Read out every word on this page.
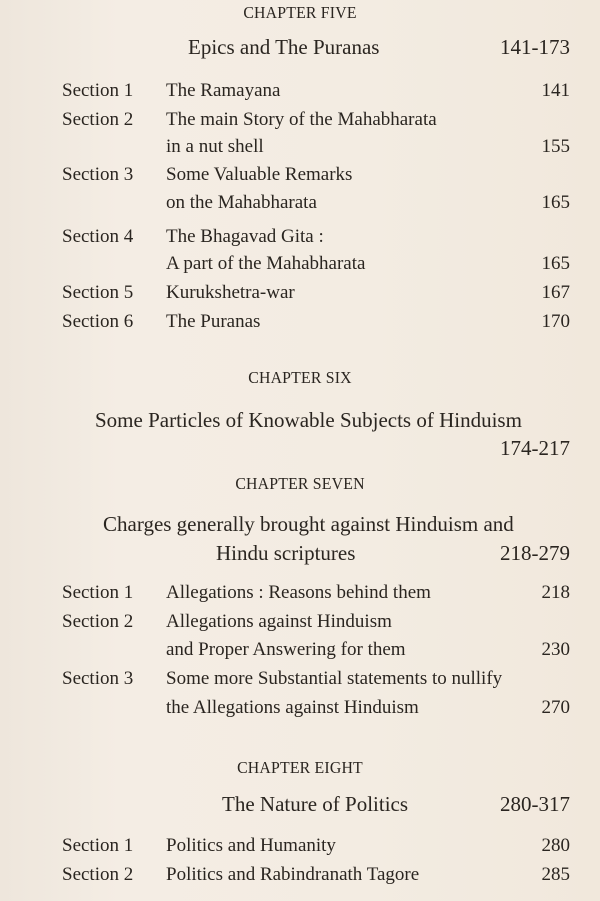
CHAPTER FIVE
Epics and The Puranas	141-173
Section 1 The Ramayana	141
Section 2 The main Story of the Mahabharata
in a nut shell	155
Section 3 Some Valuable Remarks
on the Mahabharata	165
Section 4 The Bhagavad Gita :
A part of the Mahabharata	165
Section 5 Kurukshetra-war	167
Section 6 The Puranas	170
CHAPTER SIX
Some Particles of Knowable Subjects of Hinduism
174-217
CHAPTER SEVEN
Charges generally brought against Hinduism and
Hindu scriptures	218-279
Section 1 Allegations : Reasons behind them	218
Section 2 Allegations against Hinduism
and Proper Answering for them	230
Section 3 Some more Substantial statements to nullify
the Allegations against Hinduism	270
CHAPTER EIGHT
The Nature of Politics	280-317
Section 1 Politics and Humanity	280
Section 2 Politics and Rabindranath Tagore	285
